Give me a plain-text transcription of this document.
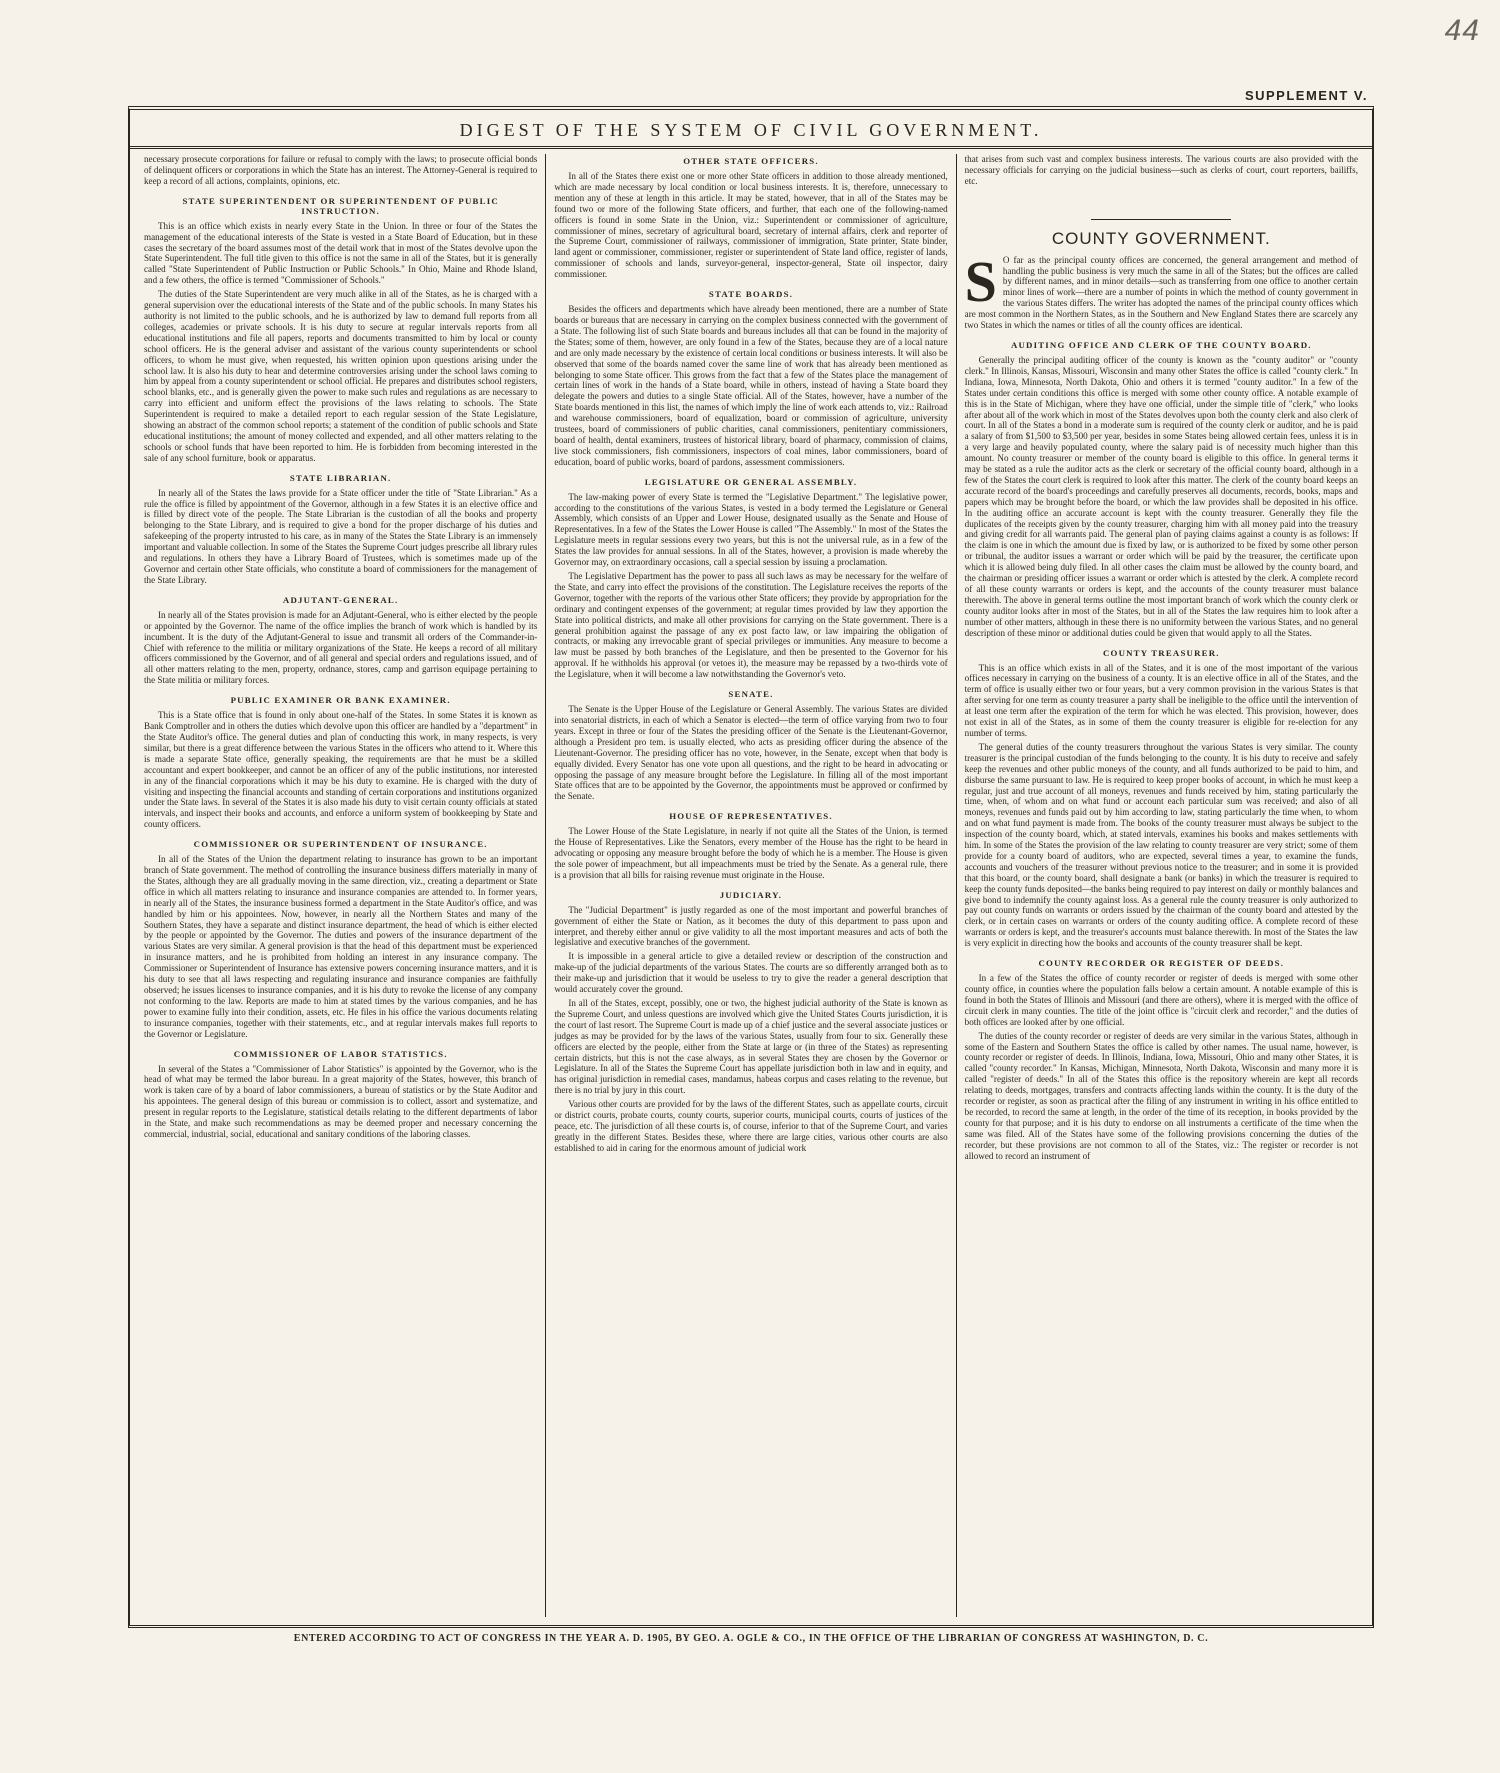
44
SUPPLEMENT V.
DIGEST OF THE SYSTEM OF CIVIL GOVERNMENT.

necessary prosecute corporations for failure or refusal to comply with the laws; to prosecute official bonds of delinquent officers or corporations in which the State has an interest. The Attorney-General is required to keep a record of all actions, complaints, opinions, etc.

STATE SUPERINTENDENT OR SUPERINTENDENT OF PUBLIC INSTRUCTION.

This is an office which exists in nearly every State in the Union. In three or four of the States the management of the educational interests of the State is vested in a State Board of Education, but in these cases the secretary of the board assumes most of the detail work that in most of the States devolve upon the State Superintendent. The full title given to this office is not the same in all of the States, but it is generally called "State Superintendent of Public Instruction or Public Schools." In Ohio, Maine and Rhode Island, and a few others, the office is termed "Commissioner of Schools."

The duties of the State Superintendent are very much alike in all of the States, as he is charged with a general supervision over the educational interests of the State and of the public schools. In many States his authority is not limited to the public schools, and he is authorized by law to demand full reports from all colleges, academies or private schools. It is his duty to secure at regular intervals reports from all educational institutions and file all papers, reports and documents transmitted to him by local or county school officers. He is the general adviser and assistant of the various county superintendents or school officers, to whom he must give, when requested, his written opinion upon questions arising under the school law. It is also his duty to hear and determine controversies arising under the school laws coming to him by appeal from a county superintendent or school official. He prepares and distributes school registers, school blanks, etc., and is generally given the power to make such rules and regulations as are necessary to carry into efficient and uniform effect the provisions of the laws relating to schools. The State Superintendent is required to make a detailed report to each regular session of the State Legislature, showing an abstract of the common school reports; a statement of the condition of public schools and State educational institutions; the amount of money collected and expended, and all other matters relating to the schools or school funds that have been reported to him. He is forbidden from becoming interested in the sale of any school furniture, book or apparatus.

STATE LIBRARIAN.

In nearly all of the States the laws provide for a State officer under the title of "State Librarian." As a rule the office is filled by appointment of the Governor, although in a few States it is an elective office and is filled by direct vote of the people. The State Librarian is the custodian of all the books and property belonging to the State Library, and is required to give a bond for the proper discharge of his duties and safekeeping of the property intrusted to his care, as in many of the States the State Library is an immensely important and valuable collection. In some of the States the Supreme Court judges prescribe all library rules and regulations. In others they have a Library Board of Trustees, which is sometimes made up of the Governor and certain other State officials, who constitute a board of commissioners for the management of the State Library.

ADJUTANT-GENERAL.

In nearly all of the States provision is made for an Adjutant-General, who is either elected by the people or appointed by the Governor. The name of the office implies the branch of work which is handled by its incumbent. It is the duty of the Adjutant-General to issue and transmit all orders of the Commander-in-Chief with reference to the militia or military organizations of the State. He keeps a record of all military officers commissioned by the Governor, and of all general and special orders and regulations issued, and of all other matters relating to the men, property, ordnance, stores, camp and garrison equipage pertaining to the State militia or military forces.

PUBLIC EXAMINER OR BANK EXAMINER.

This is a State office that is found in only about one-half of the States. In some States it is known as Bank Comptroller and in others the duties which devolve upon this officer are handled by a "department" in the State Auditor's office. The general duties and plan of conducting this work, in many respects, is very similar, but there is a great difference between the various States in the officers who attend to it. Where this is made a separate State office, generally speaking, the requirements are that he must be a skilled accountant and expert bookkeeper, and cannot be an officer of any of the public institutions, nor interested in any of the financial corporations which it may be his duty to examine. He is charged with the duty of visiting and inspecting the financial accounts and standing of certain corporations and institutions organized under the State laws. In several of the States it is also made his duty to visit certain county officials at stated intervals, and inspect their books and accounts, and enforce a uniform system of bookkeeping by State and county officers.

COMMISSIONER OR SUPERINTENDENT OF INSURANCE.

In all of the States of the Union the department relating to insurance has grown to be an important branch of State government. The method of controlling the insurance business differs materially in many of the States, although they are all gradually moving in the same direction, viz., creating a department or State office in which all matters relating to insurance and insurance companies are attended to. In former years, in nearly all of the States, the insurance business formed a department in the State Auditor's office, and was handled by him or his appointees. Now, however, in nearly all the Northern States and many of the Southern States, they have a separate and distinct insurance department, the head of which is either elected by the people or appointed by the Governor. The duties and powers of the insurance department of the various States are very similar. A general provision is that the head of this department must be experienced in insurance matters, and he is prohibited from holding an interest in any insurance company. The Commissioner or Superintendent of Insurance has extensive powers concerning insurance matters, and it is his duty to see that all laws respecting and regulating insurance and insurance companies are faithfully observed; he issues licenses to insurance companies, and it is his duty to revoke the license of any company not conforming to the law. Reports are made to him at stated times by the various companies, and he has power to examine fully into their condition, assets, etc. He files in his office the various documents relating to insurance companies, together with their statements, etc., and at regular intervals makes full reports to the Governor or Legislature.

COMMISSIONER OF LABOR STATISTICS.

In several of the States a "Commissioner of Labor Statistics" is appointed by the Governor, who is the head of what may be termed the labor bureau. In a great majority of the States, however, this branch of work is taken care of by a board of labor commissioners, a bureau of statistics or by the State Auditor and his appointees. The general design of this bureau or commission is to collect, assort and systematize, and present in regular reports to the Legislature, statistical details relating to the different departments of labor in the State, and make such recommendations as may be deemed proper and necessary concerning the commercial, industrial, social, educational and sanitary conditions of the laboring classes.

OTHER STATE OFFICERS.

In all of the States there exist one or more other State officers in addition to those already mentioned, which are made necessary by local condition or local business interests. It is, therefore, unnecessary to mention any of these at length in this article. It may be stated, however, that in all of the States may be found two or more of the following State officers, and further, that each one of the following-named officers is found in some State in the Union, viz.: Superintendent or commissioner of agriculture, commissioner of mines, secretary of agricultural board, secretary of internal affairs, clerk and reporter of the Supreme Court, commissioner of railways, commissioner of immigration, State printer, State binder, land agent or commissioner, commissioner, register or superintendent of State land office, register of lands, commissioner of schools and lands, surveyor-general, inspector-general, State oil inspector, dairy commissioner.

STATE BOARDS.

Besides the officers and departments which have already been mentioned, there are a number of State boards or bureaus that are necessary in carrying on the complex business connected with the government of a State. The following list of such State boards and bureaus includes all that can be found in the majority of the States; some of them, however, are only found in a few of the States, because they are of a local nature and are only made necessary by the existence of certain local conditions or business interests. It will also be observed that some of the boards named cover the same line of work that has already been mentioned as belonging to some State officer. This grows from the fact that a few of the States place the management of certain lines of work in the hands of a State board, while in others, instead of having a State board they delegate the powers and duties to a single State official. All of the States, however, have a number of the State boards mentioned in this list, the names of which imply the line of work each attends to, viz.: Railroad and warehouse commissioners, board of equalization, board or commission of agriculture, university trustees, board of commissioners of public charities, canal commissioners, penitentiary commissioners, board of health, dental examiners, trustees of historical library, board of pharmacy, commission of claims, live stock commissioners, fish commissioners, inspectors of coal mines, labor commissioners, board of education, board of public works, board of pardons, assessment commissioners.

LEGISLATURE OR GENERAL ASSEMBLY.

The law-making power of every State is termed the "Legislative Department." The legislative power, according to the constitutions of the various States, is vested in a body termed the Legislature or General Assembly, which consists of an Upper and Lower House, designated usually as the Senate and House of Representatives. In a few of the States the Lower House is called "The Assembly." In most of the States the Legislature meets in regular sessions every two years, but this is not the universal rule, as in a few of the States the law provides for annual sessions. In all of the States, however, a provision is made whereby the Governor may, on extraordinary occasions, call a special session by issuing a proclamation.

The Legislative Department has the power to pass all such laws as may be necessary for the welfare of the State, and carry into effect the provisions of the constitution. The Legislature receives the reports of the Governor, together with the reports of the various other State officers; they provide by appropriation for the ordinary and contingent expenses of the government; at regular times provided by law they apportion the State into political districts, and make all other provisions for carrying on the State government. There is a general prohibition against the passage of any ex post facto law, or law impairing the obligation of contracts, or making any irrevocable grant of special privileges or immunities. Any measure to become a law must be passed by both branches of the Legislature, and then be presented to the Governor for his approval. If he withholds his approval (or vetoes it), the measure may be repassed by a two-thirds vote of the Legislature, when it will become a law notwithstanding the Governor's veto.

SENATE.

The Senate is the Upper House of the Legislature or General Assembly. The various States are divided into senatorial districts, in each of which a Senator is elected—the term of office varying from two to four years. Except in three or four of the States the presiding officer of the Senate is the Lieutenant-Governor, although a President pro tem. is usually elected, who acts as presiding officer during the absence of the Lieutenant-Governor. The presiding officer has no vote, however, in the Senate, except when that body is equally divided. Every Senator has one vote upon all questions, and the right to be heard in advocating or opposing the passage of any measure brought before the Legislature. In filling all of the most important State offices that are to be appointed by the Governor, the appointments must be approved or confirmed by the Senate.

HOUSE OF REPRESENTATIVES.

The Lower House of the State Legislature, in nearly if not quite all the States of the Union, is termed the House of Representatives. Like the Senators, every member of the House has the right to be heard in advocating or opposing any measure brought before the body of which he is a member. The House is given the sole power of impeachment, but all impeachments must be tried by the Senate. As a general rule, there is a provision that all bills for raising revenue must originate in the House.

JUDICIARY.

The "Judicial Department" is justly regarded as one of the most important and powerful branches of government of either the State or Nation, as it becomes the duty of this department to pass upon and interpret, and thereby either annul or give validity to all the most important measures and acts of both the legislative and executive branches of the government.

It is impossible in a general article to give a detailed review or description of the construction and make-up of the judicial departments of the various States. The courts are so differently arranged both as to their make-up and jurisdiction that it would be useless to try to give the reader a general description that would accurately cover the ground.

In all of the States, except, possibly, one or two, the highest judicial authority of the State is known as the Supreme Court, and unless questions are involved which give the United States Courts jurisdiction, it is the court of last resort. The Supreme Court is made up of a chief justice and the several associate justices or judges as may be provided for by the laws of the various States, usually from four to six. Generally these officers are elected by the people, either from the State at large or (in three of the States) as representing certain districts, but this is not the case always, as in several States they are chosen by the Governor or Legislature. In all of the States the Supreme Court has appellate jurisdiction both in law and in equity, and has original jurisdiction in remedial cases, mandamus, habeas corpus and cases relating to the revenue, but there is no trial by jury in this court.

Various other courts are provided for by the laws of the different States, such as appellate courts, circuit or district courts, probate courts, county courts, superior courts, municipal courts, courts of justices of the peace, etc. The jurisdiction of all these courts is, of course, inferior to that of the Supreme Court, and varies greatly in the different States. Besides these, where there are large cities, various other courts are also established to aid in caring for the enormous amount of judicial work

that arises from such vast and complex business interests. The various courts are also provided with the necessary officials for carrying on the judicial business—such as clerks of court, court reporters, bailiffs, etc.

COUNTY GOVERNMENT.

S O far as the principal county offices are concerned, the general arrangement and method of handling the public business is very much the same in all of the States; but the offices are called by different names, and in minor details—such as transferring from one office to another certain minor lines of work—there are a number of points in which the method of county government in the various States differs. The writer has adopted the names of the principal county offices which are most common in the Northern States, as in the Southern and New England States there are scarcely any two States in which the names or titles of all the county offices are identical.

AUDITING OFFICE AND CLERK OF THE COUNTY BOARD.

Generally the principal auditing officer of the county is known as the "county auditor" or "county clerk." In Illinois, Kansas, Missouri, Wisconsin and many other States the office is called "county clerk." In Indiana, Iowa, Minnesota, North Dakota, Ohio and others it is termed "county auditor." In a few of the States under certain conditions this office is merged with some other county office. A notable example of this is in the State of Michigan, where they have one official, under the simple title of "clerk," who looks after about all of the work which in most of the States devolves upon both the county clerk and also clerk of court. In all of the States a bond in a moderate sum is required of the county clerk or auditor, and he is paid a salary of from $1,500 to $3,500 per year, besides in some States being allowed certain fees, unless it is in a very large and heavily populated county, where the salary paid is of necessity much higher than this amount. No county treasurer or member of the county board is eligible to this office. In general terms it may be stated as a rule the auditor acts as the clerk or secretary of the official county board, although in a few of the States the court clerk is required to look after this matter. The clerk of the county board keeps an accurate record of the board's proceedings and carefully preserves all documents, records, books, maps and papers which may be brought before the board, or which the law provides shall be deposited in his office. In the auditing office an accurate account is kept with the county treasurer. Generally they file the duplicates of the receipts given by the county treasurer, charging him with all money paid into the treasury and giving credit for all warrants paid. The general plan of paying claims against a county is as follows: If the claim is one in which the amount due is fixed by law, or is authorized to be fixed by some other person or tribunal, the auditor issues a warrant or order which will be paid by the treasurer, the certificate upon which it is allowed being duly filed. In all other cases the claim must be allowed by the county board, and the chairman or presiding officer issues a warrant or order which is attested by the clerk. A complete record of all these county warrants or orders is kept, and the accounts of the county treasurer must balance therewith. The above in general terms outline the most important branch of work which the county clerk or county auditor looks after in most of the States, but in all of the States the law requires him to look after a number of other matters, although in these there is no uniformity between the various States, and no general description of these minor or additional duties could be given that would apply to all the States.

COUNTY TREASURER.

This is an office which exists in all of the States, and it is one of the most important of the various offices necessary in carrying on the business of a county. It is an elective office in all of the States, and the term of office is usually either two or four years, but a very common provision in the various States is that after serving for one term as county treasurer a party shall be ineligible to the office until the intervention of at least one term after the expiration of the term for which he was elected. This provision, however, does not exist in all of the States, as in some of them the county treasurer is eligible for re-election for any number of terms.

The general duties of the county treasurers throughout the various States is very similar. The county treasurer is the principal custodian of the funds belonging to the county. It is his duty to receive and safely keep the revenues and other public moneys of the county, and all funds authorized to be paid to him, and disburse the same pursuant to law. He is required to keep proper books of account, in which he must keep a regular, just and true account of all moneys, revenues and funds received by him, stating particularly the time, when, of whom and on what fund or account each particular sum was received; and also of all moneys, revenues and funds paid out by him according to law, stating particularly the time when, to whom and on what fund payment is made from. The books of the county treasurer must always be subject to the inspection of the county board, which, at stated intervals, examines his books and makes settlements with him. In some of the States the provision of the law relating to county treasurer are very strict; some of them provide for a county board of auditors, who are expected, several times a year, to examine the funds, accounts and vouchers of the treasurer without previous notice to the treasurer; and in some it is provided that this board, or the county board, shall designate a bank (or banks) in which the treasurer is required to keep the county funds deposited—the banks being required to pay interest on daily or monthly balances and give bond to indemnify the county against loss. As a general rule the county treasurer is only authorized to pay out county funds on warrants or orders issued by the chairman of the county board and attested by the clerk, or in certain cases on warrants or orders of the county auditing office. A complete record of these warrants or orders is kept, and the treasurer's accounts must balance therewith. In most of the States the law is very explicit in directing how the books and accounts of the county treasurer shall be kept.

COUNTY RECORDER OR REGISTER OF DEEDS.

In a few of the States the office of county recorder or register of deeds is merged with some other county office, in counties where the population falls below a certain amount. A notable example of this is found in both the States of Illinois and Missouri (and there are others), where it is merged with the office of circuit clerk in many counties. The title of the joint office is "circuit clerk and recorder," and the duties of both offices are looked after by one official.

The duties of the county recorder or register of deeds are very similar in the various States, although in some of the Eastern and Southern States the office is called by other names. The usual name, however, is county recorder or register of deeds. In Illinois, Indiana, Iowa, Missouri, Ohio and many other States, it is called "county recorder." In Kansas, Michigan, Minnesota, North Dakota, Wisconsin and many more it is called "register of deeds." In all of the States this office is the repository wherein are kept all records relating to deeds, mortgages, transfers and contracts affecting lands within the county. It is the duty of the recorder or register, as soon as practical after the filing of any instrument in writing in his office entitled to be recorded, to record the same at length, in the order of the time of its reception, in books provided by the county for that purpose; and it is his duty to endorse on all instruments a certificate of the time when the same was filed. All of the States have some of the following provisions concerning the duties of the recorder, but these provisions are not common to all of the States, viz.: The register or recorder is not allowed to record an instrument of

ENTERED ACCORDING TO ACT OF CONGRESS IN THE YEAR A. D. 1905, BY GEO. A. OGLE & CO., IN THE OFFICE OF THE LIBRARIAN OF CONGRESS AT WASHINGTON, D. C.
